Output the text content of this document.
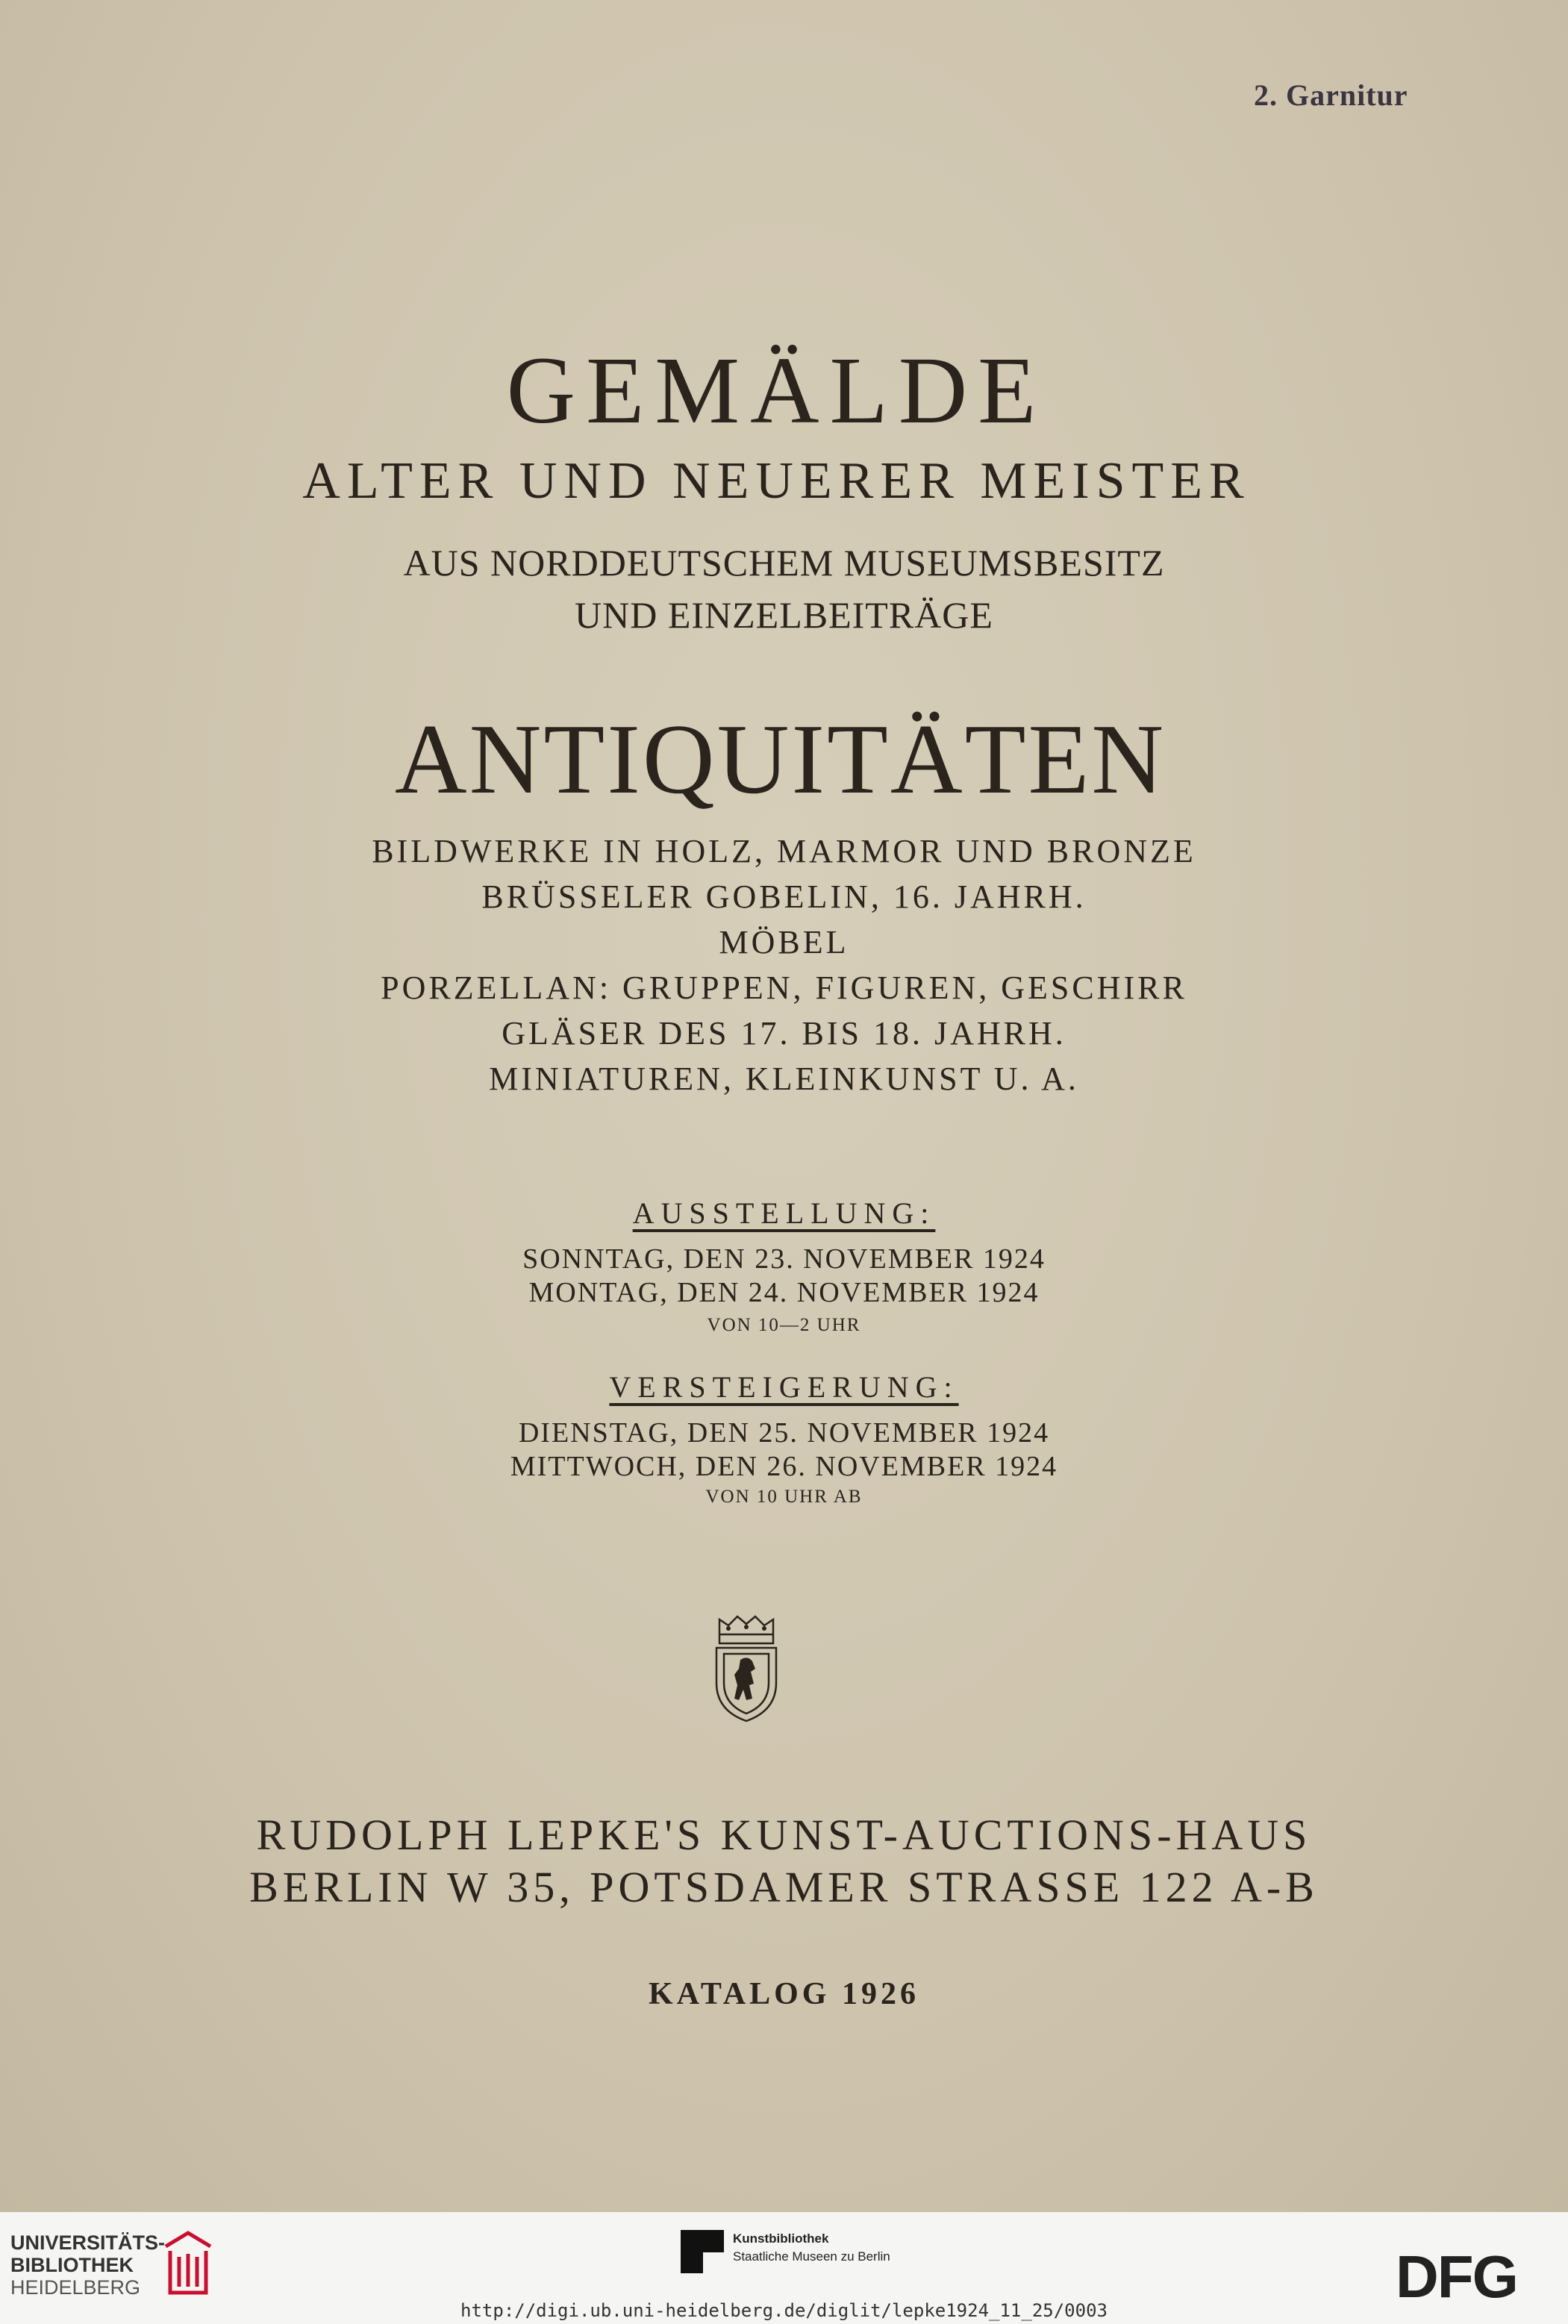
2. Garnitur
GEMÄLDE
ALTER UND NEUERER MEISTER
AUS NORDDEUTSCHEM MUSEUMSBESITZ
UND EINZELBEITRÄGE
ANTIQUITÄTEN
BILDWERKE IN HOLZ, MARMOR UND BRONZE
BRÜSSELER GOBELIN, 16. JAHRH.
MÖBEL
PORZELLAN: GRUPPEN, FIGUREN, GESCHIRR
GLÄSER DES 17. BIS 18. JAHRH.
MINIATUREN, KLEINKUNST U. A.
AUSSTELLUNG:
SONNTAG, DEN 23. NOVEMBER 1924
MONTAG, DEN 24. NOVEMBER 1924
VON 10—2 UHR
VERSTEIGERUNG:
DIENSTAG, DEN 25. NOVEMBER 1924
MITTWOCH, DEN 26. NOVEMBER 1924
VON 10 UHR AB
RUDOLPH LEPKE'S KUNST-AUCTIONS-HAUS
BERLIN W 35, POTSDAMER STRASSE 122 A-B
KATALOG 1926
UNIVERSITÄTS-
BIBLIOTHEK
HEIDELBERG
Kunstbibliothek
Staatliche Museen zu Berlin	DFG
http://digi.ub.uni-heidelberg.de/diglit/lepke1924_11_25/0003
